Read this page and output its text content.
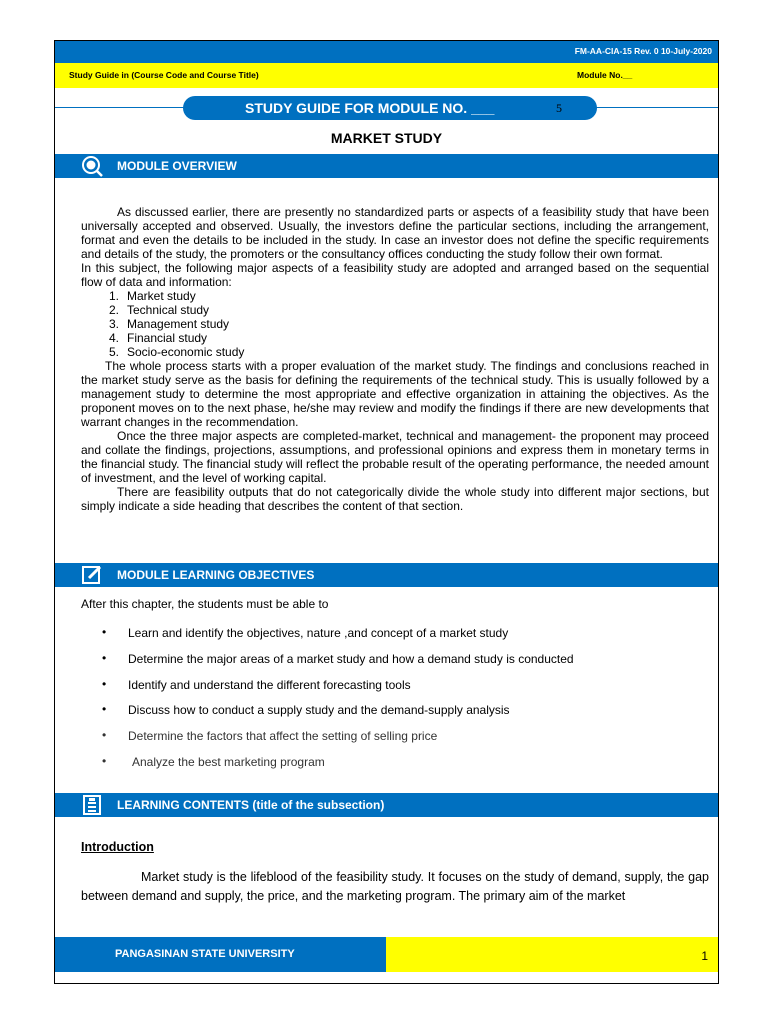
FM-AA-CIA-15 Rev. 0 10-July-2020
Study Guide in (Course Code and Course Title)	Module No.__
STUDY GUIDE FOR MODULE NO. ___	5
MARKET STUDY
MODULE OVERVIEW

As discussed earlier, there are presently no standardized parts or aspects of a feasibility study that have been universally accepted and observed. Usually, the investors define the particular sections, including the arrangement, format and even the details to be included in the study. In case an investor does not define the specific requirements and details of the study, the promoters or the consultancy offices conducting the study follow their own format.

In this subject, the following major aspects of a feasibility study are adopted and arranged based on the sequential flow of data and information:

1. Market study
2. Technical study
3. Management study
4. Financial study
5. Socio-economic study

The whole process starts with a proper evaluation of the market study. The findings and conclusions reached in the market study serve as the basis for defining the requirements of the technical study. This is usually followed by a management study to determine the most appropriate and effective organization in attaining the objectives. As the proponent moves on to the next phase, he/she may review and modify the findings if there are new developments that warrant changes in the recommendation.

Once the three major aspects are completed-market, technical and management- the proponent may proceed and collate the findings, projections, assumptions, and professional opinions and express them in monetary terms in the financial study. The financial study will reflect the probable result of the operating performance, the needed amount of investment, and the level of working capital.

There are feasibility outputs that do not categorically divide the whole study into different major sections, but simply indicate a side heading that describes the content of that section.

MODULE LEARNING OBJECTIVES
After this chapter, the students must be able to
• Learn and identify the objectives, nature ,and concept of a market study
• Determine the major areas of a market study and how a demand study is conducted
• Identify and understand the different forecasting tools
• Discuss how to conduct a supply study and the demand-supply analysis
• Determine the factors that affect the setting of selling price
• Analyze the best marketing program
LEARNING CONTENTS (title of the subsection)
Introduction
Market study is the lifeblood of the feasibility study. It focuses on the study of demand, supply, the gap between demand and supply, the price, and the marketing program. The primary aim of the market
PANGASINAN STATE UNIVERSITY	1
